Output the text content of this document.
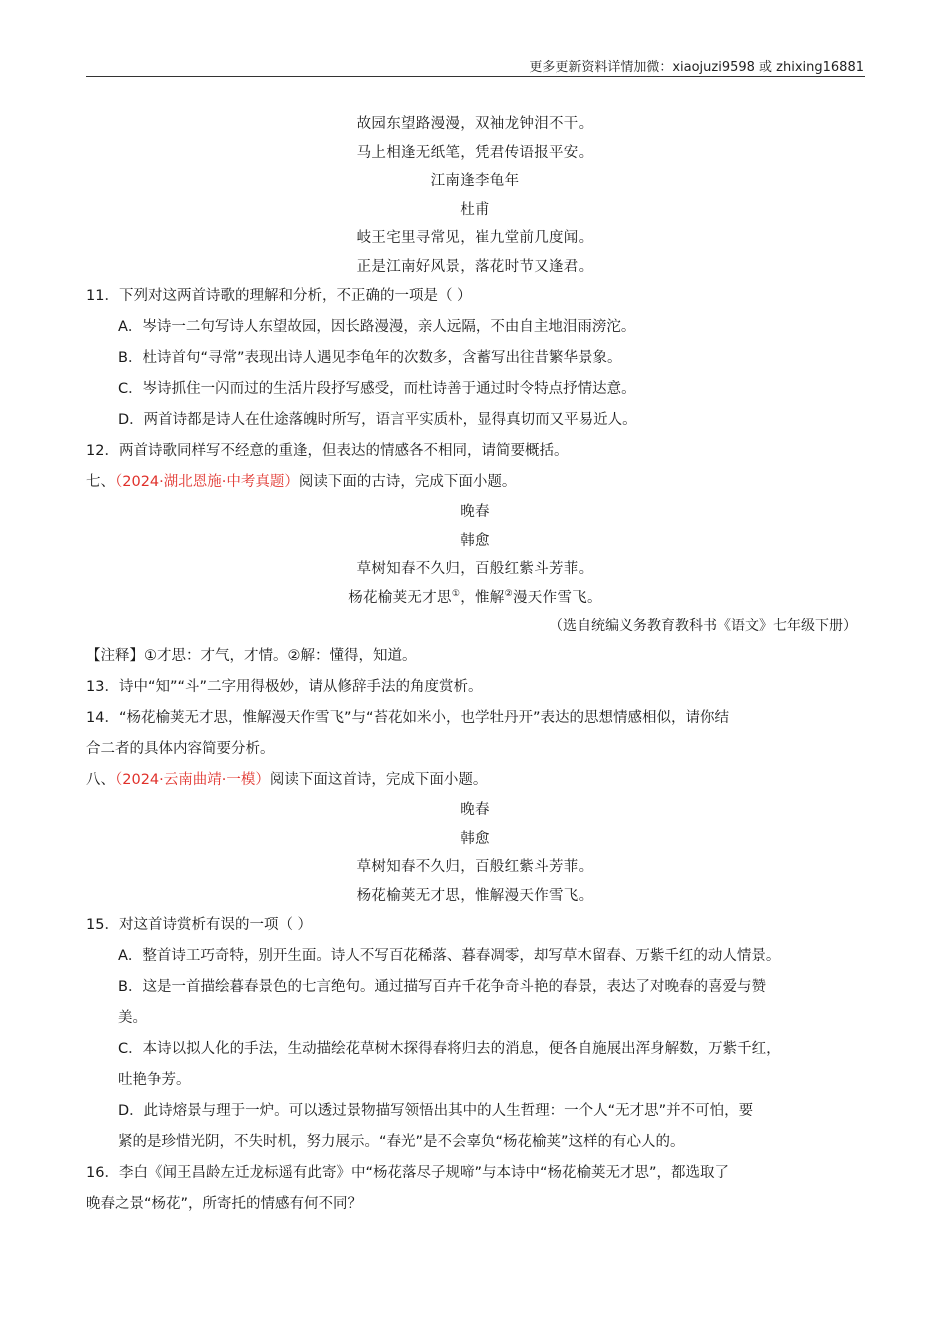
更多更新资料详情加微：xiaojuzi9598 或 zhixing16881
故园东望路漫漫，双袖龙钟泪不干。
马上相逢无纸笔，凭君传语报平安。
江南逢李龟年
杜甫
岐王宅里寻常见，崔九堂前几度闻。
正是江南好风景，落花时节又逢君。
11．下列对这两首诗歌的理解和分析，不正确的一项是（ ）
A．岑诗一二句写诗人东望故园，因长路漫漫，亲人远隔，不由自主地泪雨滂沱。
B．杜诗首句“寻常”表现出诗人遇见李龟年的次数多，含蓄写出往昔繁华景象。
C．岑诗抓住一闪而过的生活片段抒写感受，而杜诗善于通过时令特点抒情达意。
D．两首诗都是诗人在仕途落魄时所写，语言平实质朴，显得真切而又平易近人。
12．两首诗歌同样写不经意的重逢，但表达的情感各不相同，请简要概括。
七、（2024·湖北恩施·中考真题）阅读下面的古诗，完成下面小题。
晚春
韩愈
草树知春不久归，百般红紫斗芳菲。
杨花榆荚无才思①，惟解②漫天作雪飞。
（选自统编义务教育教科书《语文》七年级下册）
【注释】①才思：才气，才情。②解：懂得，知道。
13．诗中“知”“斗”二字用得极妙，请从修辞手法的角度赏析。
14．“杨花榆荚无才思，惟解漫天作雪飞”与“苔花如米小，也学牡丹开”表达的思想情感相似，请你结
合二者的具体内容简要分析。
八、（2024·云南曲靖·一模）阅读下面这首诗，完成下面小题。
晚春
韩愈
草树知春不久归，百般红紫斗芳菲。
杨花榆荚无才思，惟解漫天作雪飞。
15．对这首诗赏析有误的一项（ ）
A．整首诗工巧奇特，别开生面。诗人不写百花稀落、暮春凋零，却写草木留春、万紫千红的动人情景。
B．这是一首描绘暮春景色的七言绝句。通过描写百卉千花争奇斗艳的春景，表达了对晚春的喜爱与赞
美。
C．本诗以拟人化的手法，生动描绘花草树木探得春将归去的消息，便各自施展出浑身解数，万紫千红，
吐艳争芳。
D．此诗熔景与理于一炉。可以透过景物描写领悟出其中的人生哲理：一个人“无才思”并不可怕，要
紧的是珍惜光阴，不失时机，努力展示。“春光”是不会辜负“杨花榆荚”这样的有心人的。
16．李白《闻王昌龄左迁龙标遥有此寄》中“杨花落尽子规啼”与本诗中“杨花榆荚无才思”，都选取了
晚春之景“杨花”，所寄托的情感有何不同？
